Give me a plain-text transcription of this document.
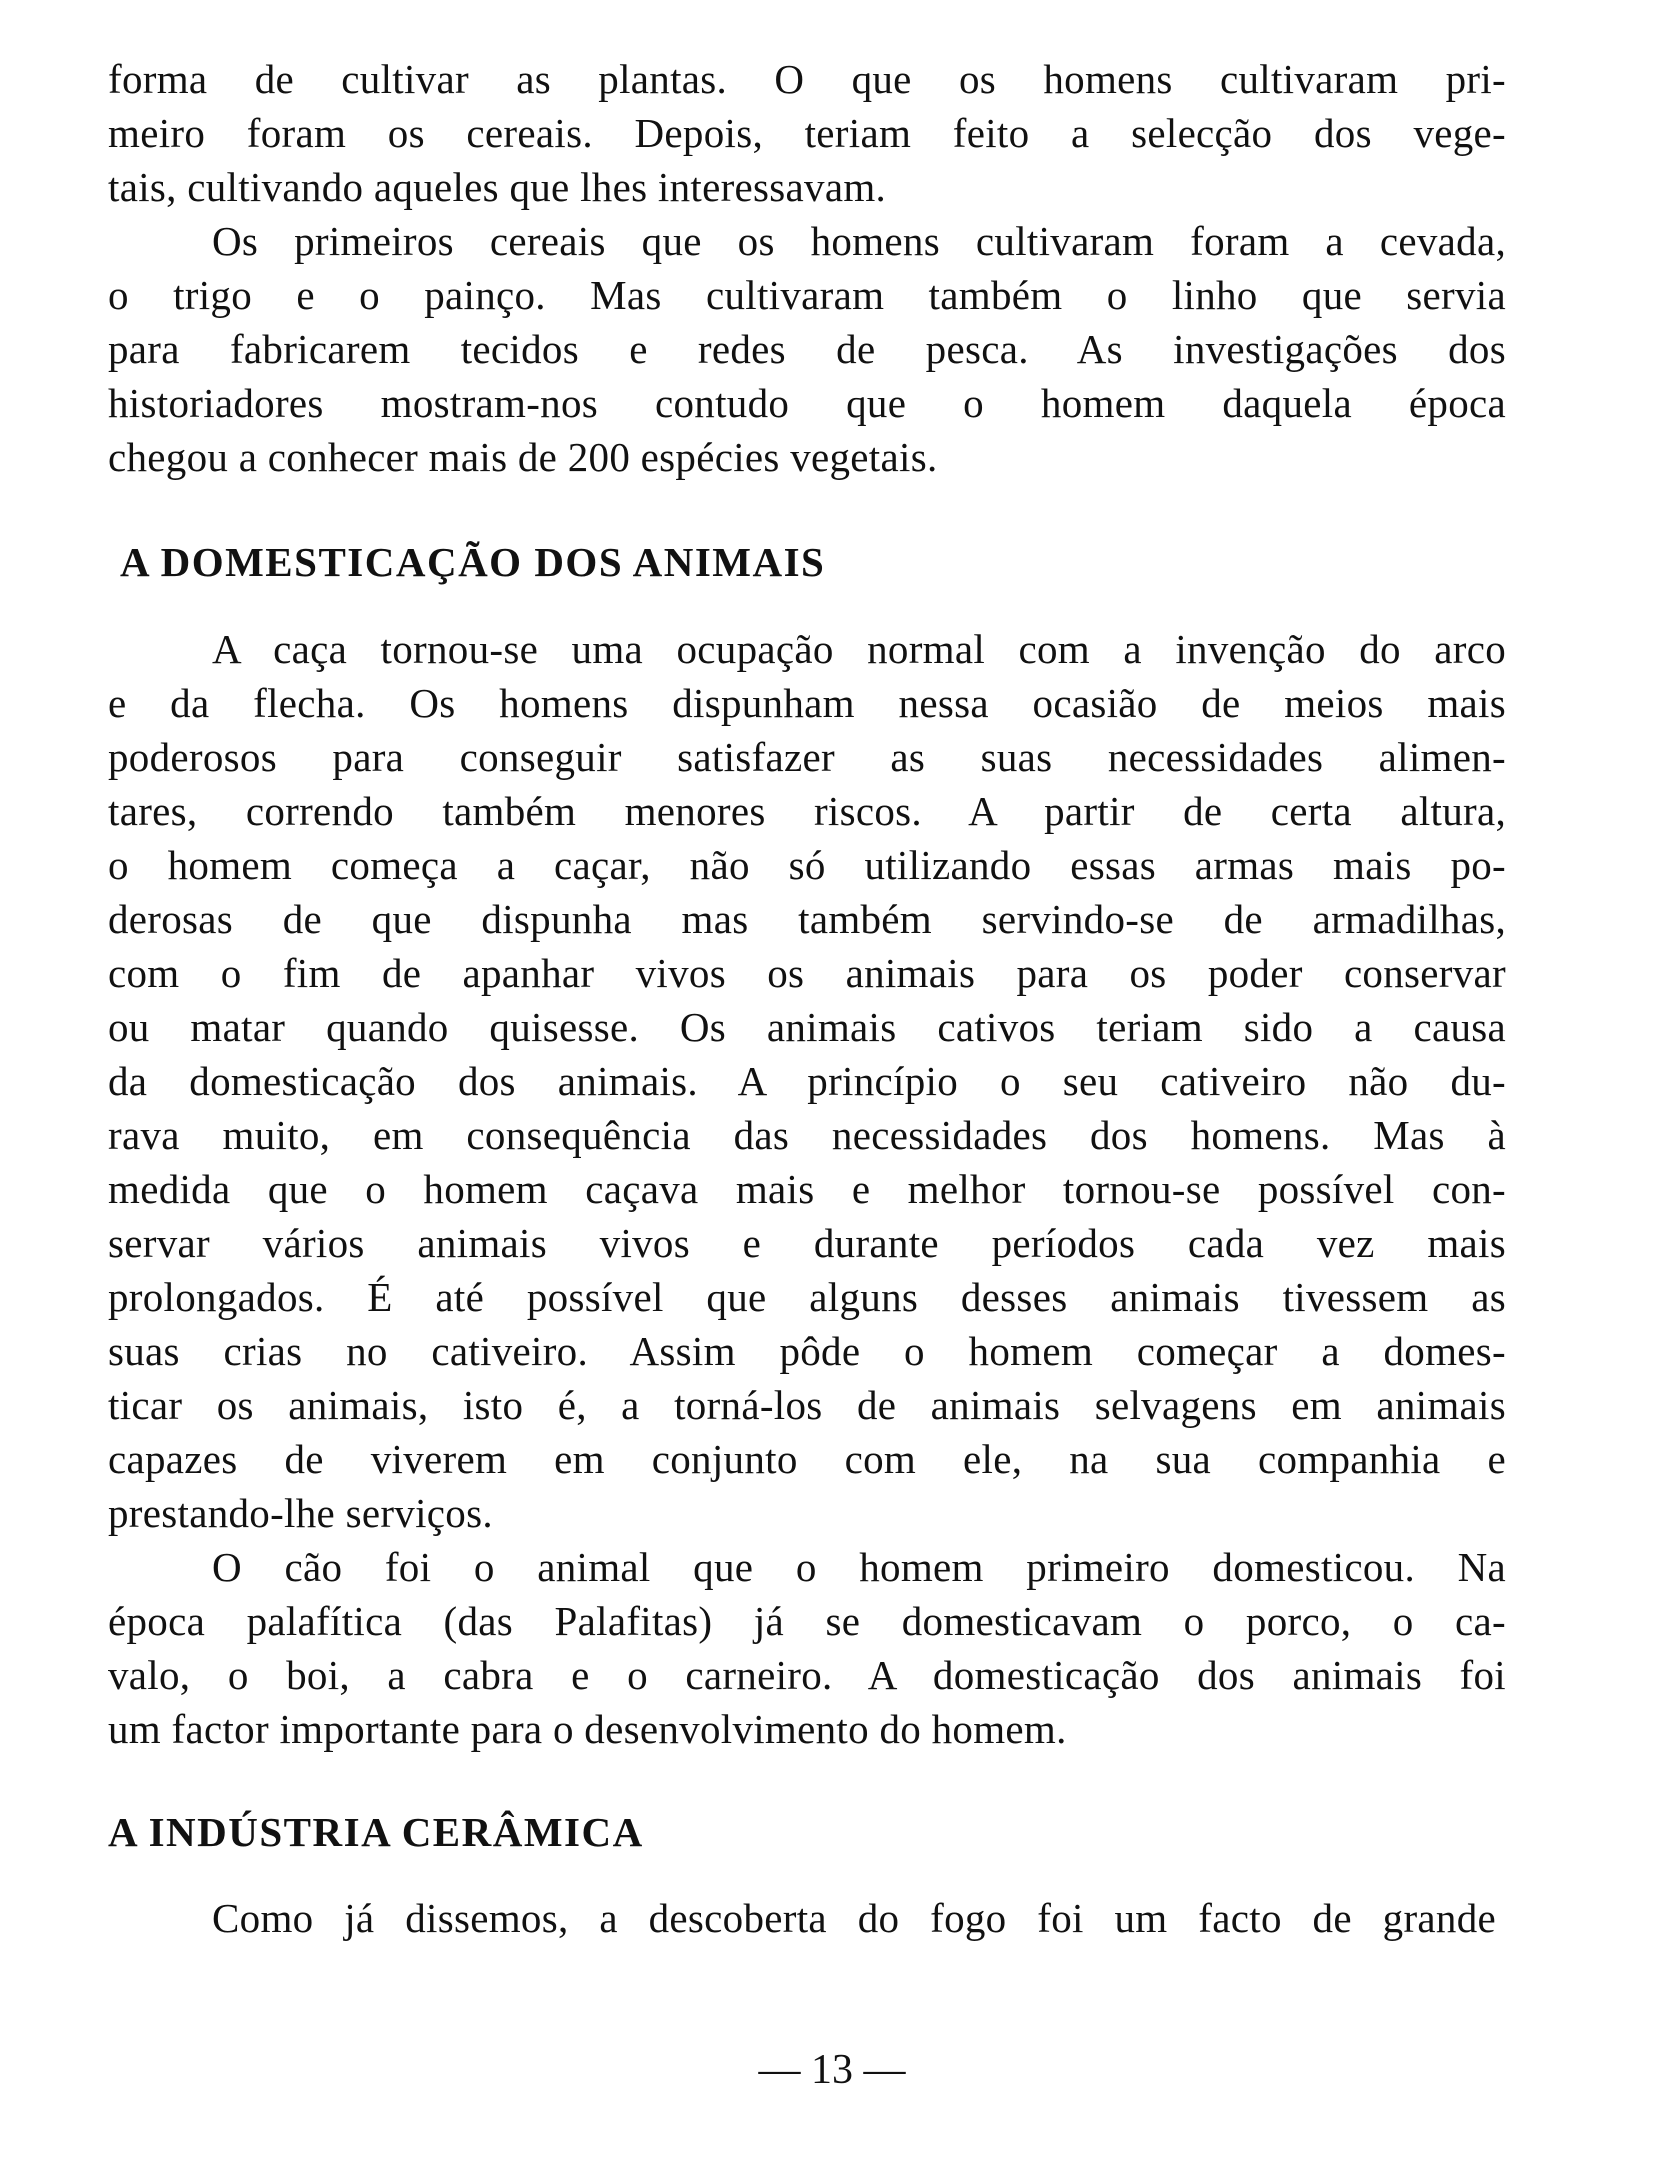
forma de cultivar as plantas. O que os homens cultivaram pri-
meiro foram os cereais. Depois, teriam feito a selecção dos vege-
tais, cultivando aqueles que lhes interessavam.
Os primeiros cereais que os homens cultivaram foram a cevada,
o trigo e o painço. Mas cultivaram também o linho que servia
para fabricarem tecidos e redes de pesca. As investigações dos
historiadores mostram-nos contudo que o homem daquela época
chegou a conhecer mais de 200 espécies vegetais.
A DOMESTICAÇÃO DOS ANIMAIS
A caça tornou-se uma ocupação normal com a invenção do arco
e da flecha. Os homens dispunham nessa ocasião de meios mais
poderosos para conseguir satisfazer as suas necessidades alimen-
tares, correndo também menores riscos. A partir de certa altura,
o homem começa a caçar, não só utilizando essas armas mais po-
derosas de que dispunha mas também servindo-se de armadilhas,
com o fim de apanhar vivos os animais para os poder conservar
ou matar quando quisesse. Os animais cativos teriam sido a causa
da domesticação dos animais. A princípio o seu cativeiro não du-
rava muito, em consequência das necessidades dos homens. Mas à
medida que o homem caçava mais e melhor tornou-se possível con-
servar vários animais vivos e durante períodos cada vez mais
prolongados. É até possível que alguns desses animais tivessem as
suas crias no cativeiro. Assim pôde o homem começar a domes-
ticar os animais, isto é, a torná-los de animais selvagens em animais
capazes de viverem em conjunto com ele, na sua companhia e
prestando-lhe serviços.
O cão foi o animal que o homem primeiro domesticou. Na
época palafítica (das Palafitas) já se domesticavam o porco, o ca-
valo, o boi, a cabra e o carneiro. A domesticação dos animais foi
um factor importante para o desenvolvimento do homem.
A INDÚSTRIA CERÂMICA
Como já dissemos, a descoberta do fogo foi um facto de grande
— 13 —
